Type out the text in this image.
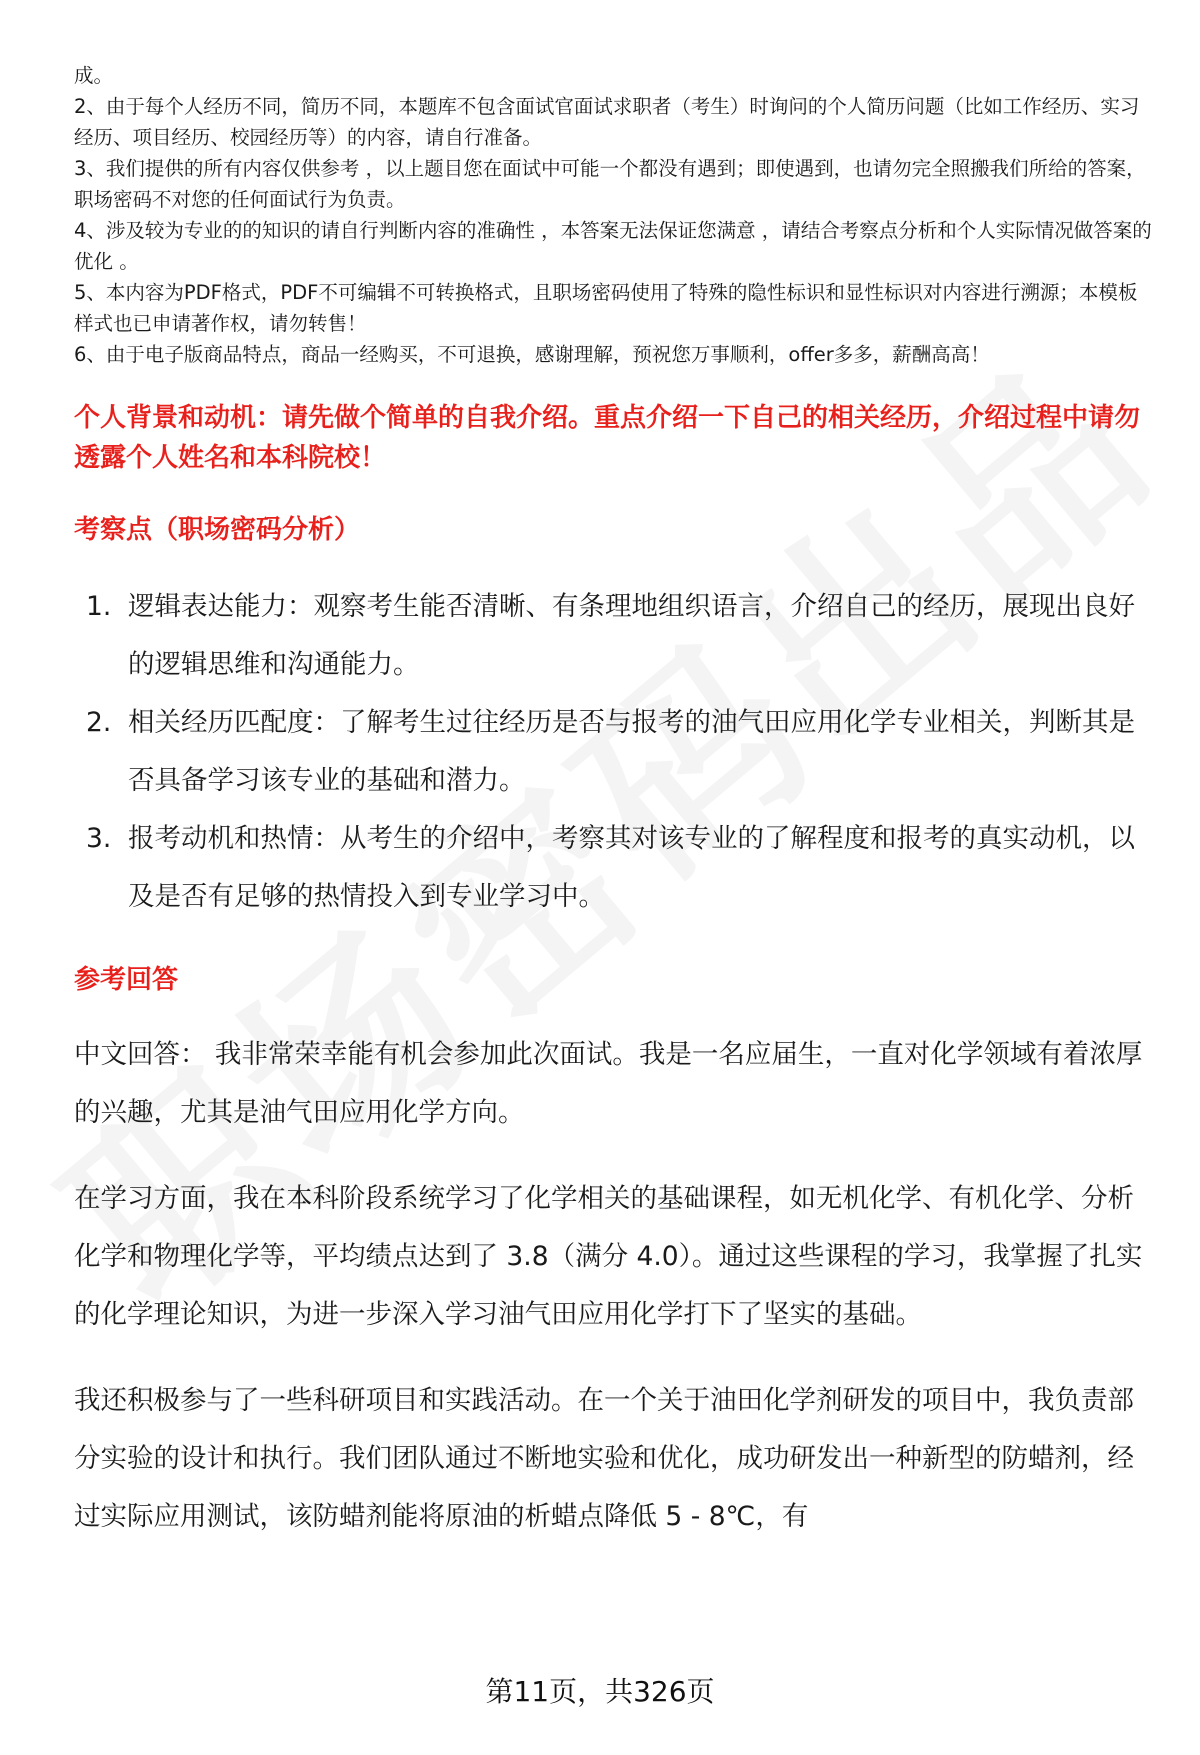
成。

2、由于每个人经历不同，简历不同，本题库不包含面试官面试求职者（考生）时询问的个人简历问题（比如工作经历、实习经历、项目经历、校园经历等）的内容，请自行准备。

3、我们提供的所有内容仅供参考 ，以上题目您在面试中可能一个都没有遇到；即使遇到，也请勿完全照搬我们所给的答案，职场密码不对您的任何面试行为负责。

4、涉及较为专业的的知识的请自行判断内容的准确性 ，本答案无法保证您满意 ，请结合考察点分析和个人实际情况做答案的优化 。

5、本内容为PDF格式，PDF不可编辑不可转换格式，且职场密码使用了特殊的隐性标识和显性标识对内容进行溯源；本模板样式也已申请著作权，请勿转售！

6、由于电子版商品特点，商品一经购买，不可退换，感谢理解，预祝您万事顺利，offer多多，薪酬高高！

个人背景和动机：请先做个简单的自我介绍。重点介绍一下自己的相关经历，介绍过程中请勿透露个人姓名和本科院校！
考察点（职场密码分析）
1. 逻辑表达能力：观察考生能否清晰、有条理地组织语言，介绍自己的经历，展现出良好的逻辑思维和沟通能力。
2. 相关经历匹配度：了解考生过往经历是否与报考的油气田应用化学专业相关，判断其是否具备学习该专业的基础和潜力。
3. 报考动机和热情：从考生的介绍中，考察其对该专业的了解程度和报考的真实动机，以及是否有足够的热情投入到专业学习中。
参考回答

中文回答： 我非常荣幸能有机会参加此次面试。我是一名应届生，一直对化学领域有着浓厚的兴趣，尤其是油气田应用化学方向。

在学习方面，我在本科阶段系统学习了化学相关的基础课程，如无机化学、有机化学、分析化学和物理化学等，平均绩点达到了 3.8（满分 4.0）。通过这些课程的学习，我掌握了扎实的化学理论知识，为进一步深入学习油气田应用化学打下了坚实的基础。

我还积极参与了一些科研项目和实践活动。在一个关于油田化学剂研发的项目中，我负责部分实验的设计和执行。我们团队通过不断地实验和优化，成功研发出一种新型的防蜡剂，经过实际应用测试，该防蜡剂能将原油的析蜡点降低 5 - 8℃，有

第11页，共326页
